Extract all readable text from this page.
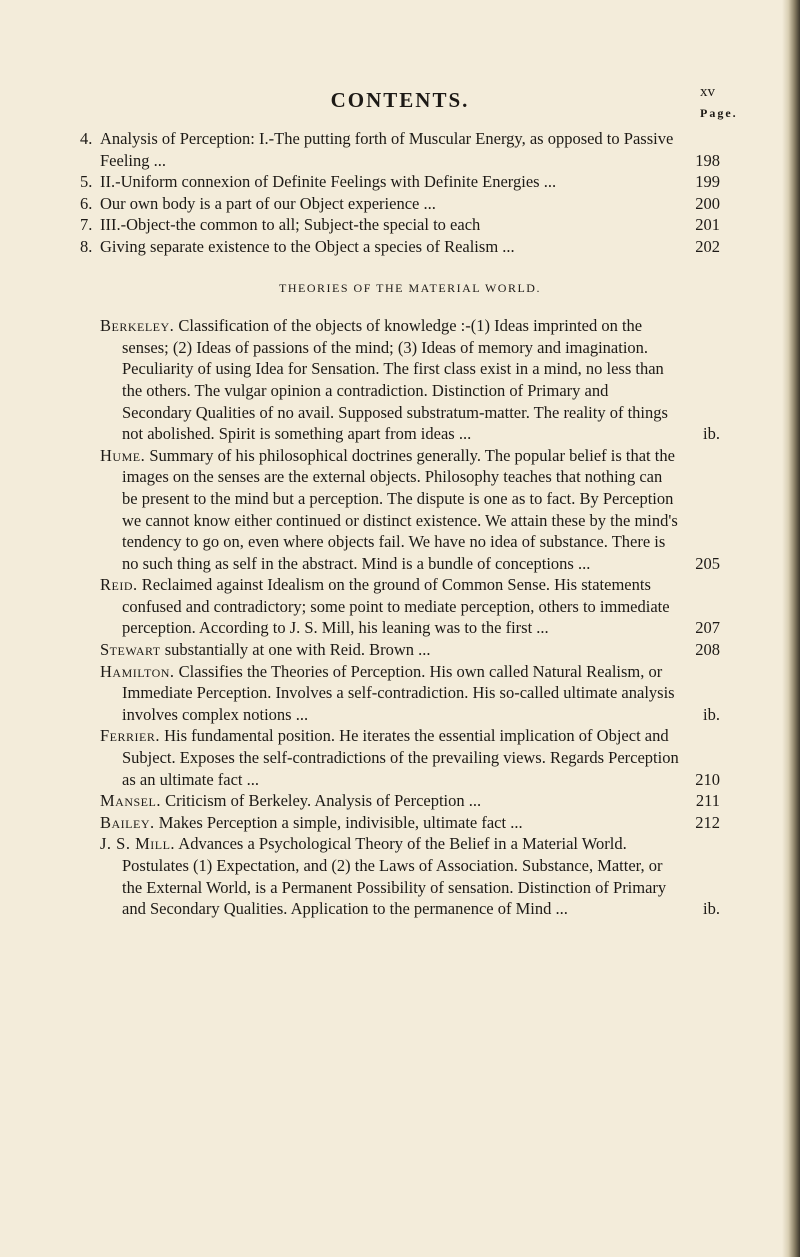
CONTENTS.	xv
Page.
4. Analysis of Perception: I.-The putting forth of Muscular Energy, as opposed to Passive Feeling ...	198
5. II.-Uniform connexion of Definite Feelings with Definite Energies ...	199
6. Our own body is a part of our Object experience ...	200
7. III.-Object-the common to all; Subject-the special to each	201
8. Giving separate existence to the Object a species of Realism ...	202
THEORIES OF THE MATERIAL WORLD.
Berkeley. Classification of the objects of knowledge :-(1) Ideas imprinted on the senses; (2) Ideas of passions of the mind; (3) Ideas of memory and imagination. Peculiarity of using Idea for Sensation. The first class exist in a mind, no less than the others. The vulgar opinion a contradiction. Distinction of Primary and Secondary Qualities of no avail. Supposed substratum-matter. The reality of things not abolished. Spirit is something apart from ideas ...	ib.
Hume. Summary of his philosophical doctrines generally. The popular belief is that the images on the senses are the external objects. Philosophy teaches that nothing can be present to the mind but a perception. The dispute is one as to fact. By Perception we cannot know either continued or distinct existence. We attain these by the mind's tendency to go on, even where objects fail. We have no idea of substance. There is no such thing as self in the abstract. Mind is a bundle of conceptions ...	205
Reid. Reclaimed against Idealism on the ground of Common Sense. His statements confused and contradictory; some point to mediate perception, others to immediate perception. According to J. S. Mill, his leaning was to the first ...	207
Stewart substantially at one with Reid. Brown ...	208
Hamilton. Classifies the Theories of Perception. His own called Natural Realism, or Immediate Perception. Involves a self-contradiction. His so-called ultimate analysis involves complex notions ...	ib.
Ferrier. His fundamental position. He iterates the essential implication of Object and Subject. Exposes the self-contradictions of the prevailing views. Regards Perception as an ultimate fact ...	210
Mansel. Criticism of Berkeley. Analysis of Perception ...	211
Bailey. Makes Perception a simple, indivisible, ultimate fact ...	212
J. S. Mill. Advances a Psychological Theory of the Belief in a Material World. Postulates (1) Expectation, and (2) the Laws of Association. Substance, Matter, or the External World, is a Permanent Possibility of sensation. Distinction of Primary and Secondary Qualities. Application to the permanence of Mind ...	ib.
